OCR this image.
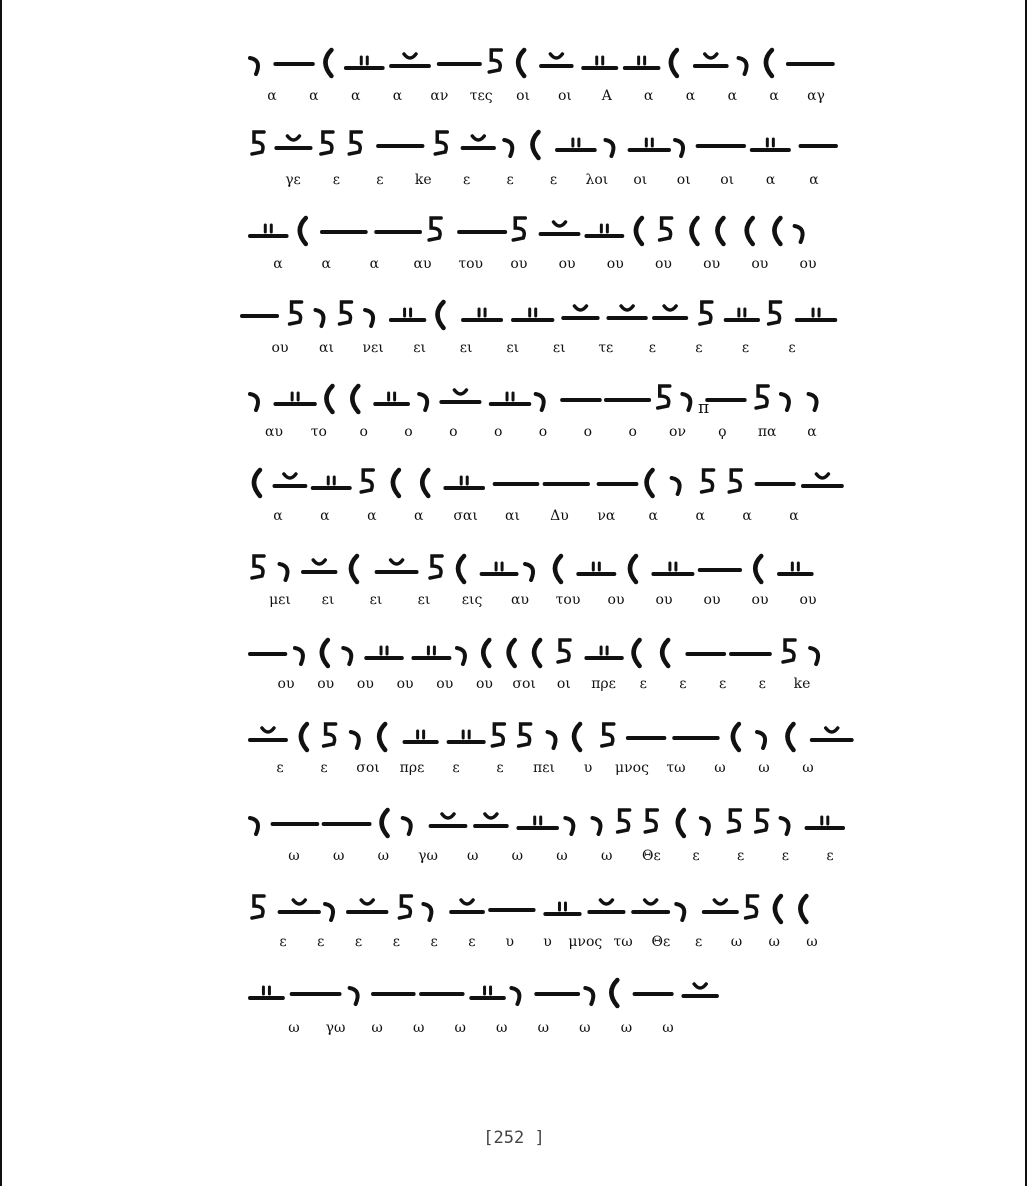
α α α α αν τες οι οι Α α α α α αγ
γε ε	ε ke ε	ε	ε λοι οι οι οι α α
α	α	α αυ του ου ου ου ου ου ου ου
ου αι νει ει ει ει ει τε	ε	ε	ε	ε
αυ το ο	ο	ο	ο	ο	ο	ο ον ϙ πα α
α	α	α	α σαι αι Δυ να α	α	α	α
μει ει	ει	ει εις αυ του ου ου ου ου ου
ου ου ου ου ου ου σοι οι πρε ε ε ε ε ke
ε	ε σοι πρε ε	ε πει υ μνος τω ω ω ω
ω ω ω γω ω ω ω ω Θε ε	ε	ε	ε
ε ε ε ε ε ε υ υ μνος τω Θε ε ω ω ω
ω γω ω ω ω ω ω ω ω ω
π
[252 ]
